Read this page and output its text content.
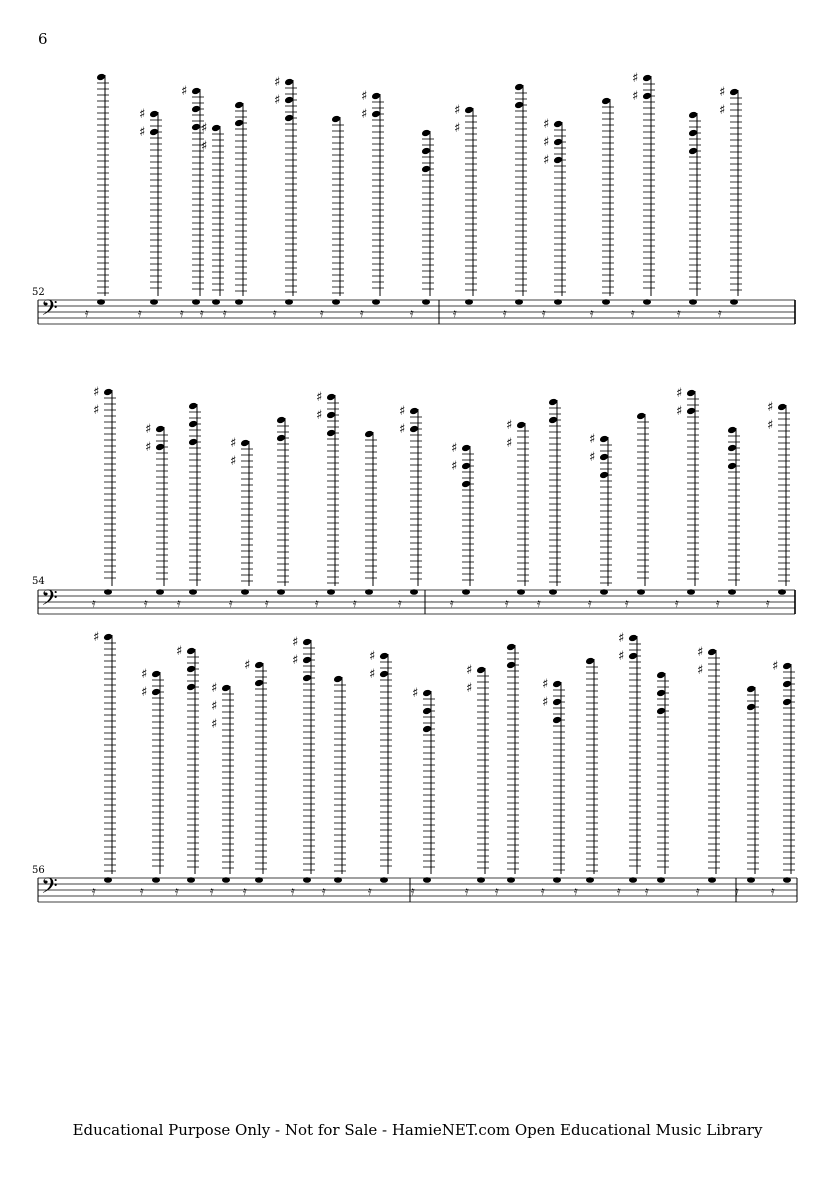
6
52
54
56
𝄢 𝄿
♯
♯
𝄿
♯
𝄿
♯
♯
𝄿 𝄿
♯
♯
𝄿	𝄿
♯
♯
𝄿	𝄿
♯
♯
𝄿	𝄿
♯
♯
♯
𝄿	𝄿
♯
♯
𝄿	𝄿
♯
♯
𝄿
𝄢
♯
♯
𝄿
♯
♯
𝄿 𝄿
♯
♯
𝄿	𝄿
♯
♯
𝄿	𝄿
♯
♯
𝄿
♯
♯
𝄿
♯
♯
𝄿 𝄿
♯
♯
𝄿	𝄿
♯
♯
𝄿	𝄿
♯
♯
𝄿
𝄢
♯
𝄿
♯
♯
𝄿
♯
𝄿
♯
♯
♯
𝄿
♯
𝄿
♯
♯
𝄿 𝄿
♯
♯
𝄿
♯
𝄿
♯
♯
𝄿 𝄿
♯
♯
𝄿 𝄿
♯
♯
𝄿 𝄿
♯
♯
𝄿	𝄿
♯
𝄿
Educational Purpose Only - Not for Sale - HamieNET.com Open Educational Music Library
